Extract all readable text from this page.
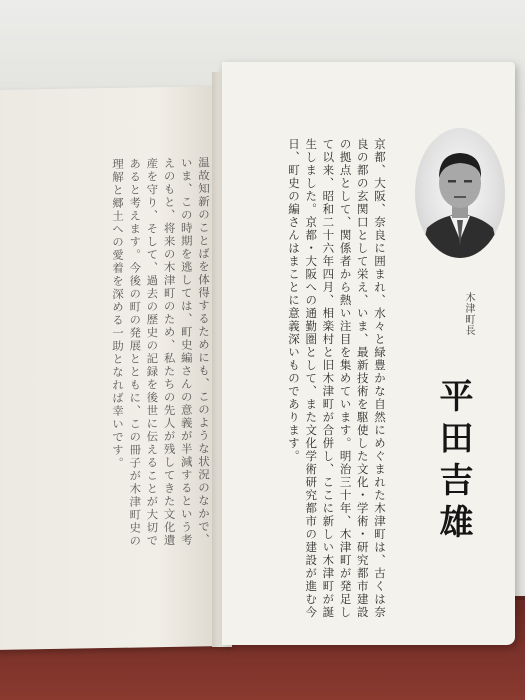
温故知新のことばを体得するためにも、このような状況のなかで、いま、この時期を逃しては、町史編さんの意義が半減するという考えのもと、将来の木津町のため、私たちの先人が残してきた文化遺産を守り、そして、過去の歴史の記録を後世に伝えることが大切であると考えます。今後の町の発展とともに、この冊子が木津町史の理解と郷土への愛着を深める一助となれば幸いです。	京都、大阪、奈良に囲まれ、水々と緑豊かな自然にめぐまれた木津町は、古くは奈良の都の玄関口として栄え、いま、最新技術を駆使した文化・学術・研究都市建設の拠点として、関係者から熱い注目を集めています。明治三十年、木津町が発足して以来、昭和二十六年四月、相楽村と旧木津町が合併し、ここに新しい木津町が誕生しました。京都・大阪への通勤圏として、また文化学術研究都市の建設が進む今日、町史の編さんはまことに意義深いものであります。	木津町長
平田吉雄
